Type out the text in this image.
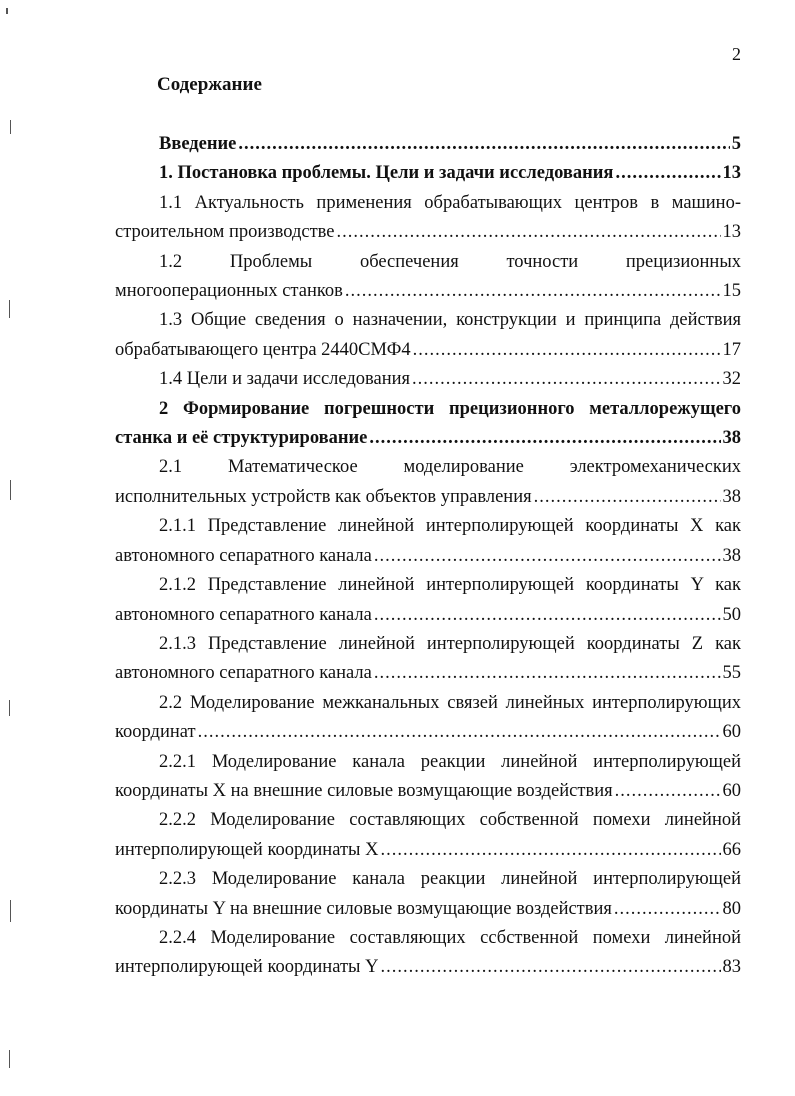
2
Содержание
Введение .....	5
1. Постановка проблемы. Цели и задачи исследования .....	13
1.1 Актуальность применения обрабатывающих центров в машино-
строительном производстве .....	13
1.2 Проблемы обеспечения точности прецизионных
многооперационных станков .....	15
1.3 Общие сведения о назначении, конструкции и принципа действия
обрабатывающего центра 2440СМФ4 .....	17
1.4 Цели и задачи исследования .....	32
2 Формирование погрешности прецизионного металлорежущего
станка и её структурирование .....	38
2.1 Математическое моделирование электромеханических
исполнительных устройств как объектов управления .....	38
2.1.1 Представление линейной интерполирующей координаты X как
автономного сепаратного канала .....	38
2.1.2 Представление линейной интерполирующей координаты Y как
автономного сепаратного канала .....	50
2.1.3 Представление линейной интерполирующей координаты Z как
автономного сепаратного канала .....	55
2.2 Моделирование межканальных связей линейных интерполирующих
координат .....	60
2.2.1 Моделирование канала реакции линейной интерполирующей
координаты X на внешние силовые возмущающие воздействия .....	60
2.2.2 Моделирование составляющих собственной помехи линейной
интерполирующей координаты X .....	66
2.2.3 Моделирование канала реакции линейной интерполирующей
координаты Y на внешние силовые возмущающие воздействия .....	80
2.2.4 Моделирование составляющих ссбственной помехи линейной
интерполирующей координаты Y .....	83
